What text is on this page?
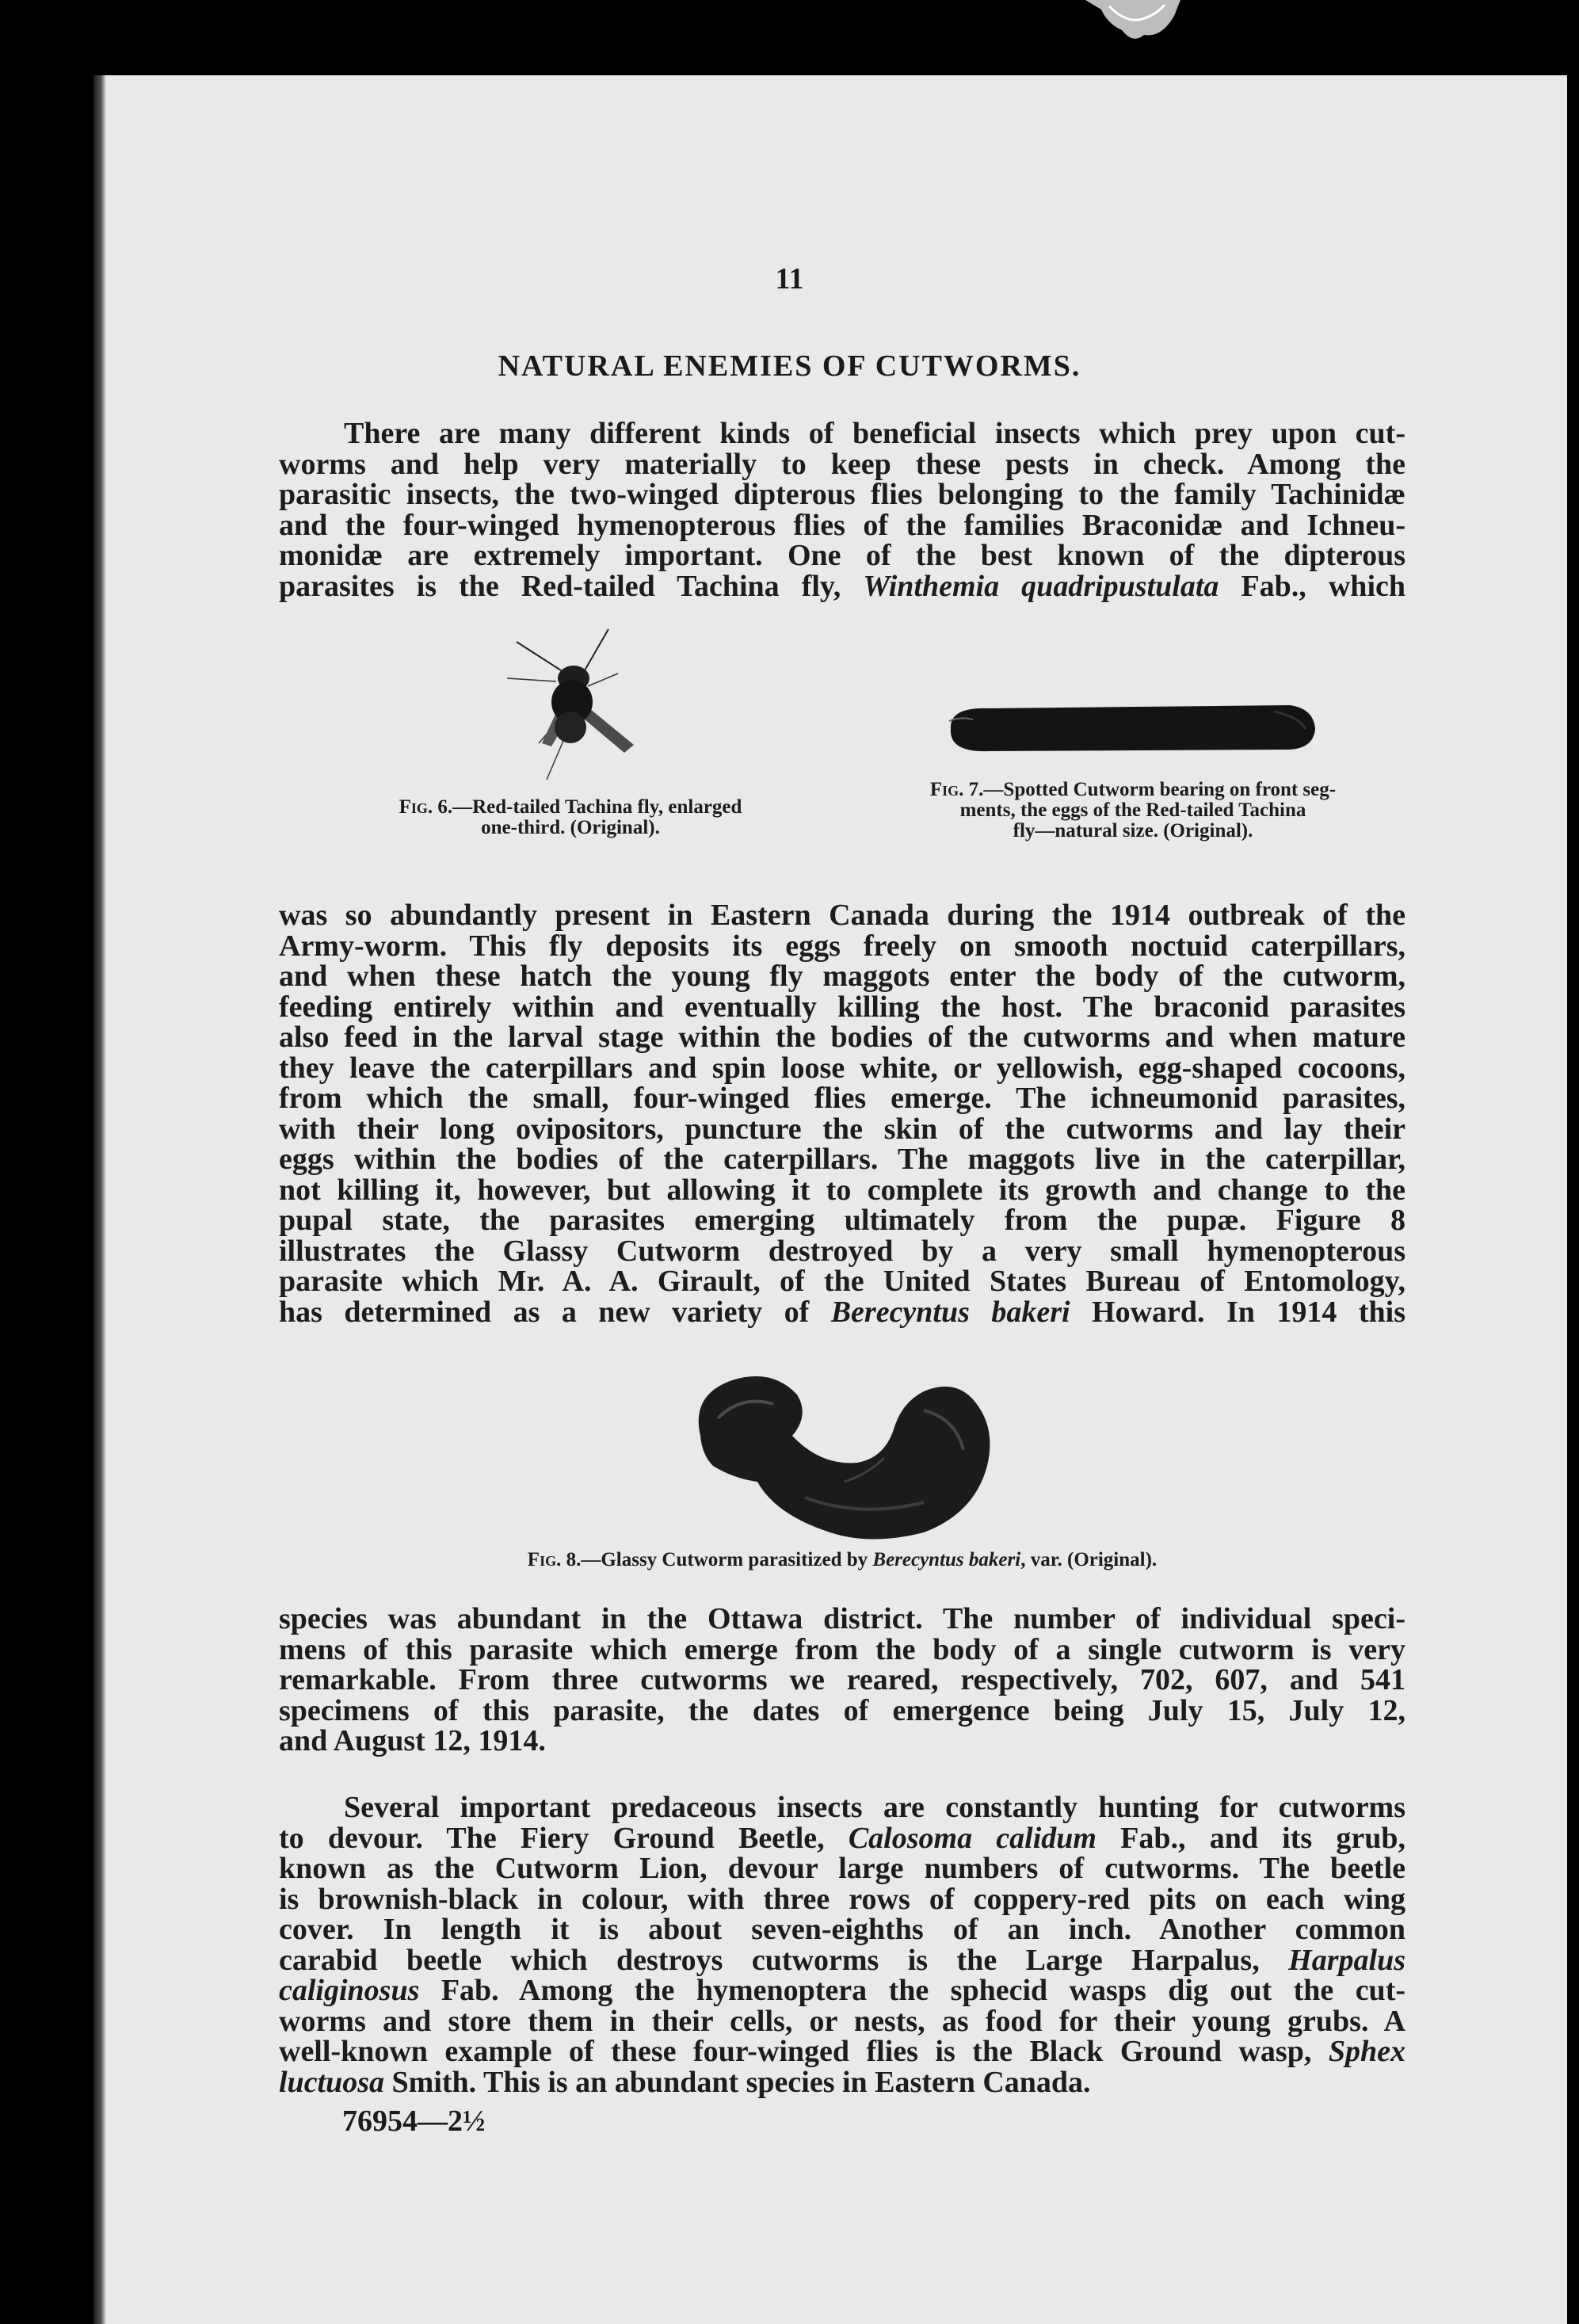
11
NATURAL ENEMIES OF CUTWORMS.

There are many different kinds of beneficial insects which prey upon cut-
worms and help very materially to keep these pests in check. Among the
parasitic insects, the two-winged dipterous flies belonging to the family Tachinidæ
and the four-winged hymenopterous flies of the families Braconidæ and Ichneu-
monidæ are extremely important. One of the best known of the dipterous
parasites is the Red-tailed Tachina fly, Winthemia quadripustulata Fab., which

Fig. 6.—Red-tailed Tachina fly, enlarged
one-third. (Original).
Fig. 7.—Spotted Cutworm bearing on front seg-
ments, the eggs of the Red-tailed Tachina
fly—natural size. (Original).

was so abundantly present in Eastern Canada during the 1914 outbreak of the
Army-worm. This fly deposits its eggs freely on smooth noctuid caterpillars,
and when these hatch the young fly maggots enter the body of the cutworm,
feeding entirely within and eventually killing the host. The braconid parasites
also feed in the larval stage within the bodies of the cutworms and when mature
they leave the caterpillars and spin loose white, or yellowish, egg-shaped cocoons,
from which the small, four-winged flies emerge. The ichneumonid parasites,
with their long ovipositors, puncture the skin of the cutworms and lay their
eggs within the bodies of the caterpillars. The maggots live in the caterpillar,
not killing it, however, but allowing it to complete its growth and change to the
pupal state, the parasites emerging ultimately from the pupæ. Figure 8
illustrates the Glassy Cutworm destroyed by a very small hymenopterous
parasite which Mr. A. A. Girault, of the United States Bureau of Entomology,
has determined as a new variety of Berecyntus bakeri Howard. In 1914 this

Fig. 8.—Glassy Cutworm parasitized by Berecyntus bakeri, var. (Original).

species was abundant in the Ottawa district. The number of individual speci-
mens of this parasite which emerge from the body of a single cutworm is very
remarkable. From three cutworms we reared, respectively, 702, 607, and 541
specimens of this parasite, the dates of emergence being July 15, July 12,
and August 12, 1914.

Several important predaceous insects are constantly hunting for cutworms
to devour. The Fiery Ground Beetle, Calosoma calidum Fab., and its grub,
known as the Cutworm Lion, devour large numbers of cutworms. The beetle
is brownish-black in colour, with three rows of coppery-red pits on each wing
cover. In length it is about seven-eighths of an inch. Another common
carabid beetle which destroys cutworms is the Large Harpalus, Harpalus
caliginosus Fab. Among the hymenoptera the sphecid wasps dig out the cut-
worms and store them in their cells, or nests, as food for their young grubs. A
well-known example of these four-winged flies is the Black Ground wasp, Sphex
luctuosa Smith. This is an abundant species in Eastern Canada.

76954—2½
